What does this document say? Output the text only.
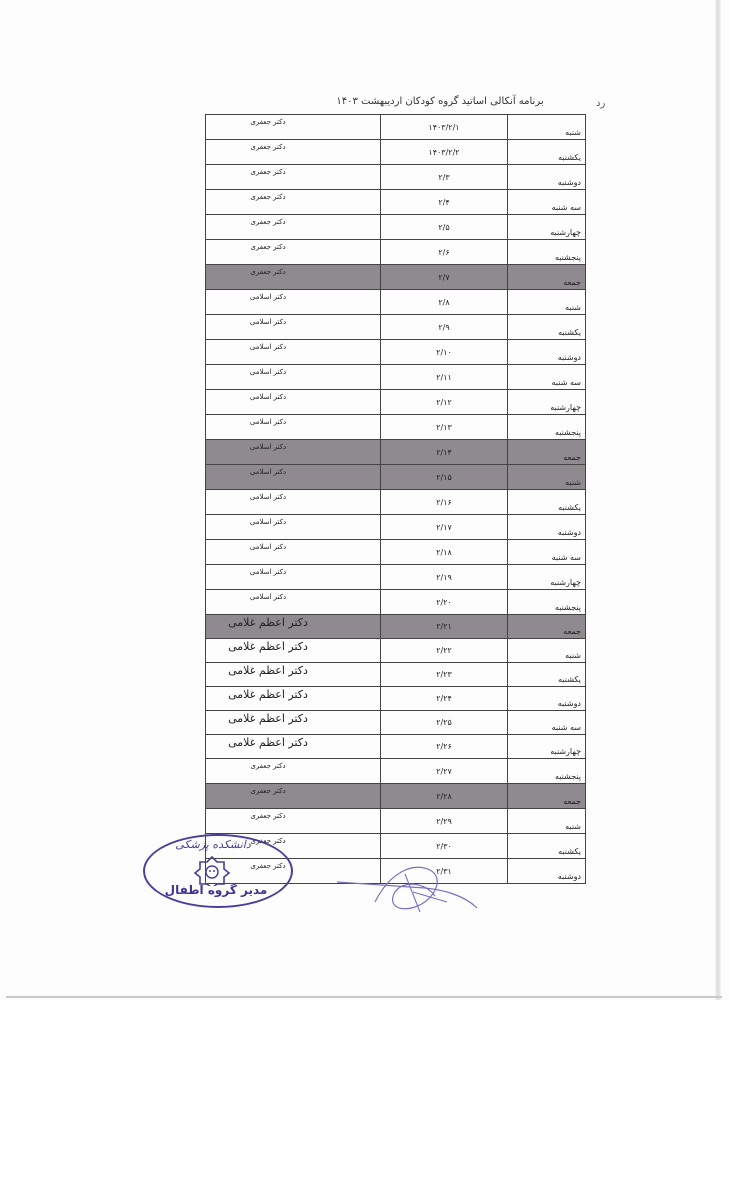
رد
برنامه آنکالی اساتید گروه کودکان اردیبهشت ۱۴۰۳
شنبه	۱۴۰۳/۲/۱	دکتر جعفری
یکشنبه	۱۴۰۳/۲/۲	دکتر جعفری
دوشنبه	۲/۳	دکتر جعفری
سه شنبه	۲/۴	دکتر جعفری
چهارشنبه	۲/۵	دکتر جعفری
پنجشنبه	۲/۶	دکتر جعفری
جمعه	۲/۷	دکتر جعفری
شنبه	۲/۸	دکتر اسلامی
یکشنبه	۲/۹	دکتر اسلامی
دوشنبه	۲/۱۰	دکتر اسلامی
سه شنبه	۲/۱۱	دکتر اسلامی
چهارشنبه	۲/۱۲	دکتر اسلامی
پنجشنبه	۲/۱۳	دکتر اسلامی
جمعه	۲/۱۴	دکتر اسلامی
شنبه	۲/۱۵	دکتر اسلامی
یکشنبه	۲/۱۶	دکتر اسلامی
دوشنبه	۲/۱۷	دکتر اسلامی
سه شنبه	۲/۱۸	دکتر اسلامی
چهارشنبه	۲/۱۹	دکتر اسلامی
پنجشنبه	۲/۲۰	دکتر اسلامی
جمعه	۲/۲۱	دکتر اعظم غلامی
شنبه	۲/۲۲	دکتر اعظم غلامی
یکشنبه	۲/۲۳	دکتر اعظم غلامی
دوشنبه	۲/۲۴	دکتر اعظم غلامی
سه شنبه	۲/۲۵	دکتر اعظم غلامی
چهارشنبه	۲/۲۶	دکتر اعظم غلامی
پنجشنبه	۲/۲۷	دکتر جعفری
جمعه	۲/۲۸	دکتر جعفری
شنبه	۲/۲۹	دکتر جعفری
یکشنبه	۲/۳۰	دکتر جعفری
دوشنبه	۲/۳۱	دکتر جعفری
دانشکده پزشکی
مدیر گروه اطفال
